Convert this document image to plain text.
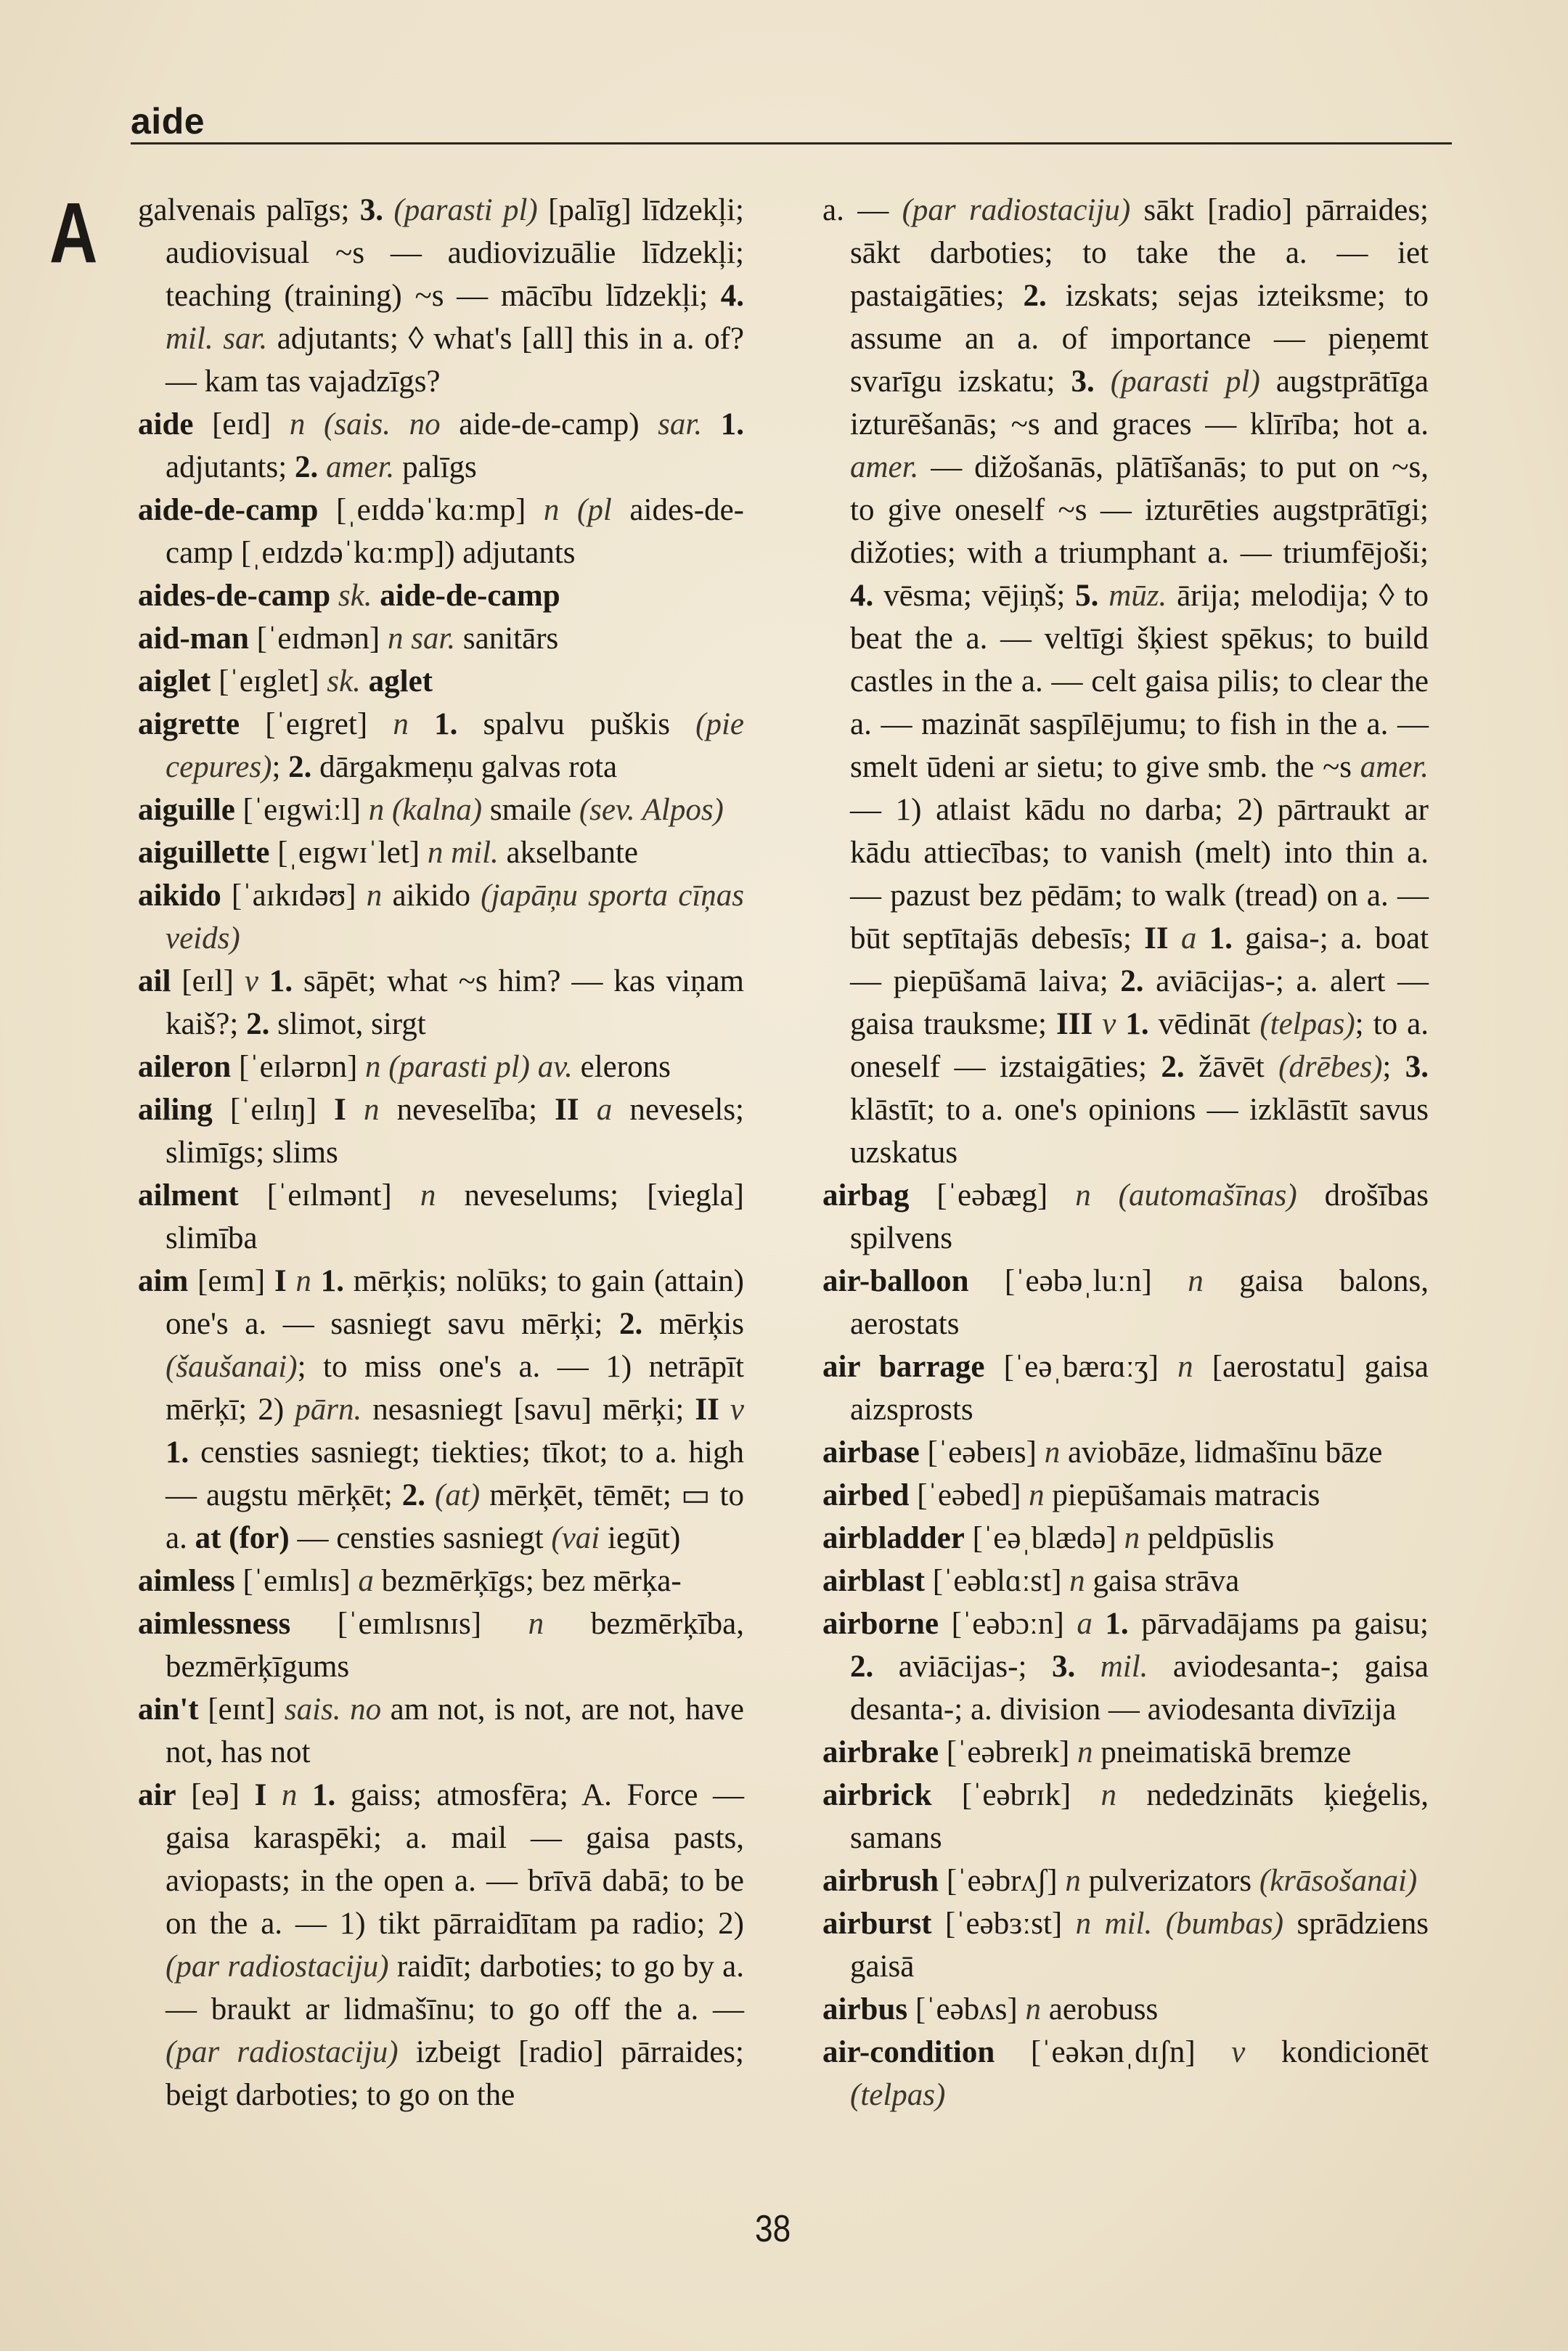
aide
A galvenais palīgs; 3. (parasti pl) [palīg] līdzekļi; audiovisual ~s — audiovizuālie līdzekļi; teaching (training) ~s — mācību līdzekļi; 4. mil. sar. adjutants; ◊ what's [all] this in a. of? — kam tas vajadzīgs?

aide [eɪd] n (sais. no aide-de-camp) sar. 1. adjutants; 2. amer. palīgs

aide-de-camp [ˌeɪddəˈkɑːmp] n (pl aides-de-camp [ˌeɪdzdəˈkɑːmp]) adjutants

aides-de-camp sk. aide-de-camp

aid-man [ˈeɪdmən] n sar. sanitārs

aiglet [ˈeɪglet] sk. aglet

aigrette [ˈeɪgret] n 1. spalvu puškis (pie cepures); 2. dārgakmeņu galvas rota

aiguille [ˈeɪgwiːl] n (kalna) smaile (sev. Alpos)

aiguillette [ˌeɪgwɪˈlet] n mil. akselbante

aikido [ˈaɪkɪdəʊ] n aikido (japāņu sporta cīņas veids)

ail [eɪl] v 1. sāpēt; what ~s him? — kas viņam kaiš?; 2. slimot, sirgt

aileron [ˈeɪlərɒn] n (parasti pl) av. elerons

ailing [ˈeɪlɪŋ] I n neveselība; II a nevesels; slimīgs; slims

ailment [ˈeɪlmənt] n neveselums; [viegla] slimība

aim [eɪm] I n 1. mērķis; nolūks; to gain (attain) one's a. — sasniegt savu mērķi; 2. mērķis (šaušanai); to miss one's a. — 1) netrāpīt mērķī; 2) pārn. nesasniegt [savu] mērķi; II v 1. censties sasniegt; tiekties; tīkot; to a. high — augstu mērķēt; 2. (at) mērķēt, tēmēt; ▭ to a. at (for) — censties sasniegt (vai iegūt)

aimless [ˈeɪmlɪs] a bezmērķīgs; bez mērķa-

aimlessness [ˈeɪmlɪsnɪs] n bezmērķība, bezmērķīgums

ain't [eɪnt] sais. no am not, is not, are not, have not, has not

air [eə] I n 1. gaiss; atmosfēra; A. Force — gaisa karaspēki; a. mail — gaisa pasts, aviopasts; in the open a. — brīvā dabā; to be on the a. — 1) tikt pārraidītam pa radio; 2) (par radiostaciju) raidīt; darboties; to go by a. — braukt ar lidmašīnu; to go off the a. — (par radiostaciju) izbeigt [radio] pārraides; beigt darboties; to go on the

a. — (par radiostaciju) sākt [radio] pārraides; sākt darboties; to take the a. — iet pastaigāties; 2. izskats; sejas izteiksme; to assume an a. of importance — pieņemt svarīgu izskatu; 3. (parasti pl) augstprātīga izturēšanās; ~s and graces — klīrība; hot a. amer. — dižošanās, plātīšanās; to put on ~s, to give oneself ~s — izturēties augstprātīgi; dižoties; with a triumphant a. — triumfējoši; 4. vēsma; vējiņš; 5. mūz. ārija; melodija; ◊ to beat the a. — veltīgi šķiest spēkus; to build castles in the a. — celt gaisa pilis; to clear the a. — mazināt saspīlējumu; to fish in the a. — smelt ūdeni ar sietu; to give smb. the ~s amer. — 1) atlaist kādu no darba; 2) pārtraukt ar kādu attiecības; to vanish (melt) into thin a. — pazust bez pēdām; to walk (tread) on a. — būt septītajās debesīs; II a 1. gaisa-; a. boat — piepūšamā laiva; 2. aviācijas-; a. alert — gaisa trauksme; III v 1. vēdināt (telpas); to a. oneself — izstaigāties; 2. žāvēt (drēbes); 3. klāstīt; to a. one's opinions — izklāstīt savus uzskatus

airbag [ˈeəbæg] n (automašīnas) drošības spilvens

air-balloon [ˈeəbəˌluːn] n gaisa balons, aerostats

air barrage [ˈeəˌbærɑːʒ] n [aerostatu] gaisa aizsprosts

airbase [ˈeəbeɪs] n aviobāze, lidmašīnu bāze

airbed [ˈeəbed] n piepūšamais matracis

airbladder [ˈeəˌblædə] n peldpūslis

airblast [ˈeəblɑːst] n gaisa strāva

airborne [ˈeəbɔːn] a 1. pārvadājams pa gaisu; 2. aviācijas-; 3. mil. aviodesanta-; gaisa desanta-; a. division — aviodesanta divīzija

airbrake [ˈeəbreɪk] n pneimatiskā bremze

airbrick [ˈeəbrɪk] n nededzināts ķieģelis, samans

airbrush [ˈeəbrʌʃ] n pulverizators (krāsošanai)

airburst [ˈeəbɜːst] n mil. (bumbas) sprādziens gaisā

airbus [ˈeəbʌs] n aerobuss

air-condition [ˈeəkənˌdɪʃn] v kondicionēt (telpas)

38
